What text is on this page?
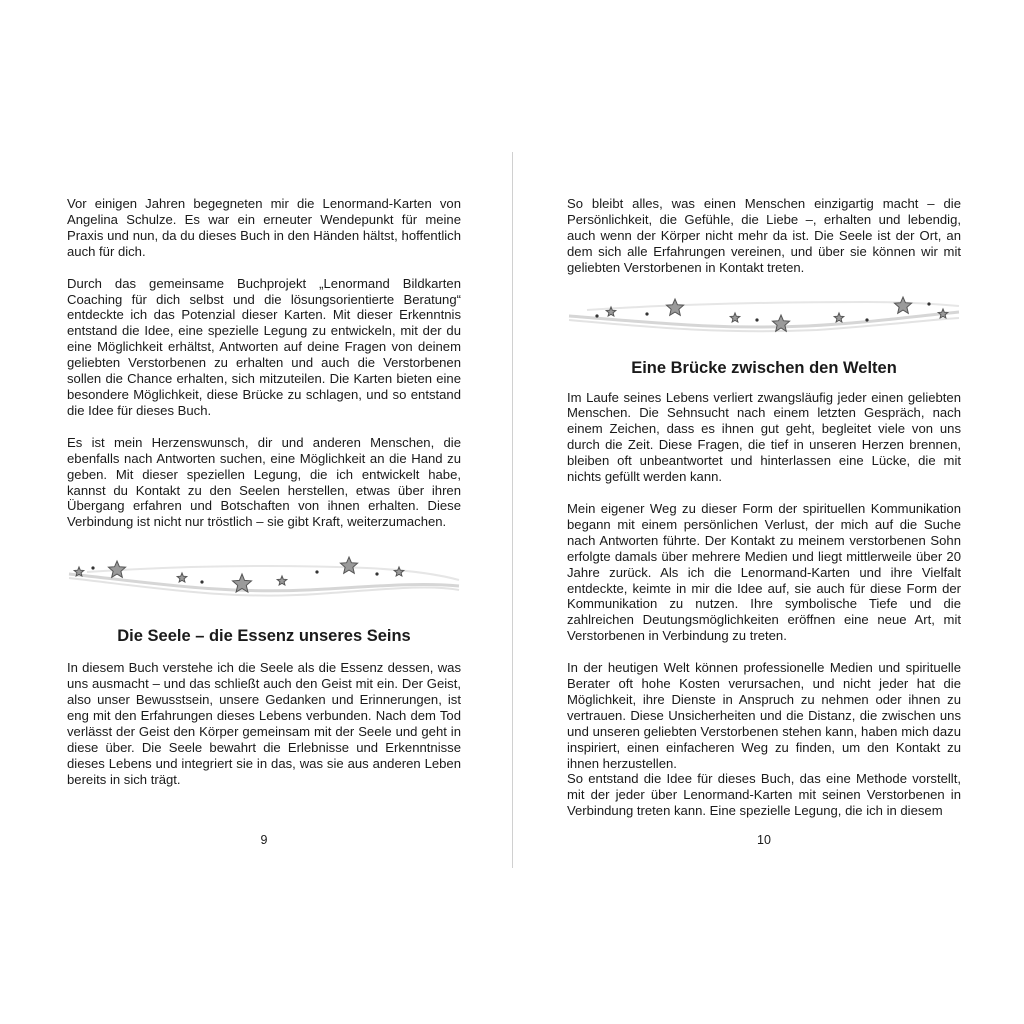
Vor einigen Jahren begegneten mir die Lenormand-Karten von Angelina Schulze. Es war ein erneuter Wendepunkt für meine Praxis und nun, da du dieses Buch in den Händen hältst, hoffentlich auch für dich.

Durch das gemeinsame Buchprojekt „Lenormand Bildkarten Coaching für dich selbst und die lösungsorientierte Beratung“ entdeckte ich das Potenzial dieser Karten. Mit dieser Erkenntnis entstand die Idee, eine spezielle Legung zu entwickeln, mit der du eine Möglichkeit erhältst, Antworten auf deine Fragen von deinem geliebten Verstorbenen zu erhalten und auch die Verstorbenen sollen die Chance erhalten, sich mitzuteilen. Die Karten bieten eine besondere Möglichkeit, diese Brücke zu schlagen, und so entstand die Idee für dieses Buch.

Es ist mein Herzenswunsch, dir und anderen Menschen, die ebenfalls nach Antworten suchen, eine Möglichkeit an die Hand zu geben. Mit dieser speziellen Legung, die ich entwickelt habe, kannst du Kontakt zu den Seelen herstellen, etwas über ihren Übergang erfahren und Botschaften von ihnen erhalten. Diese Verbindung ist nicht nur tröstlich – sie gibt Kraft, weiterzumachen.

Die Seele – die Essenz unseres Seins

In diesem Buch verstehe ich die Seele als die Essenz dessen, was uns ausmacht – und das schließt auch den Geist mit ein. Der Geist, also unser Bewusstsein, unsere Gedanken und Erinnerungen, ist eng mit den Erfahrungen dieses Lebens verbunden. Nach dem Tod verlässt der Geist den Körper gemeinsam mit der Seele und geht in diese über. Die Seele bewahrt die Erlebnisse und Erkenntnisse dieses Lebens und integriert sie in das, was sie aus anderen Leben bereits in sich trägt.

9

So bleibt alles, was einen Menschen einzigartig macht – die Persönlichkeit, die Gefühle, die Liebe –, erhalten und lebendig, auch wenn der Körper nicht mehr da ist. Die Seele ist der Ort, an dem sich alle Erfahrungen vereinen, und über sie können wir mit geliebten Verstorbenen in Kontakt treten.

Eine Brücke zwischen den Welten

Im Laufe seines Lebens verliert zwangsläufig jeder einen geliebten Menschen. Die Sehnsucht nach einem letzten Gespräch, nach einem Zeichen, dass es ihnen gut geht, begleitet viele von uns durch die Zeit. Diese Fragen, die tief in unseren Herzen brennen, bleiben oft unbeantwortet und hinterlassen eine Lücke, die mit nichts gefüllt werden kann.

Mein eigener Weg zu dieser Form der spirituellen Kommunikation begann mit einem persönlichen Verlust, der mich auf die Suche nach Antworten führte. Der Kontakt zu meinem verstorbenen Sohn erfolgte damals über mehrere Medien und liegt mittlerweile über 20 Jahre zurück. Als ich die Lenormand-Karten und ihre Vielfalt entdeckte, keimte in mir die Idee auf, sie auch für diese Form der Kommunikation zu nutzen. Ihre symbolische Tiefe und die zahlreichen Deutungsmöglichkeiten eröffnen eine neue Art, mit Verstorbenen in Verbindung zu treten.

In der heutigen Welt können professionelle Medien und spirituelle Berater oft hohe Kosten verursachen, und nicht jeder hat die Möglichkeit, ihre Dienste in Anspruch zu nehmen oder ihnen zu vertrauen. Diese Unsicherheiten und die Distanz, die zwischen uns und unseren geliebten Verstorbenen stehen kann, haben mich dazu inspiriert, einen einfacheren Weg zu finden, um den Kontakt zu ihnen herzustellen.

So entstand die Idee für dieses Buch, das eine Methode vorstellt, mit der jeder über Lenormand-Karten mit seinen Verstorbenen in Verbindung treten kann. Eine spezielle Legung, die ich in diesem

10
